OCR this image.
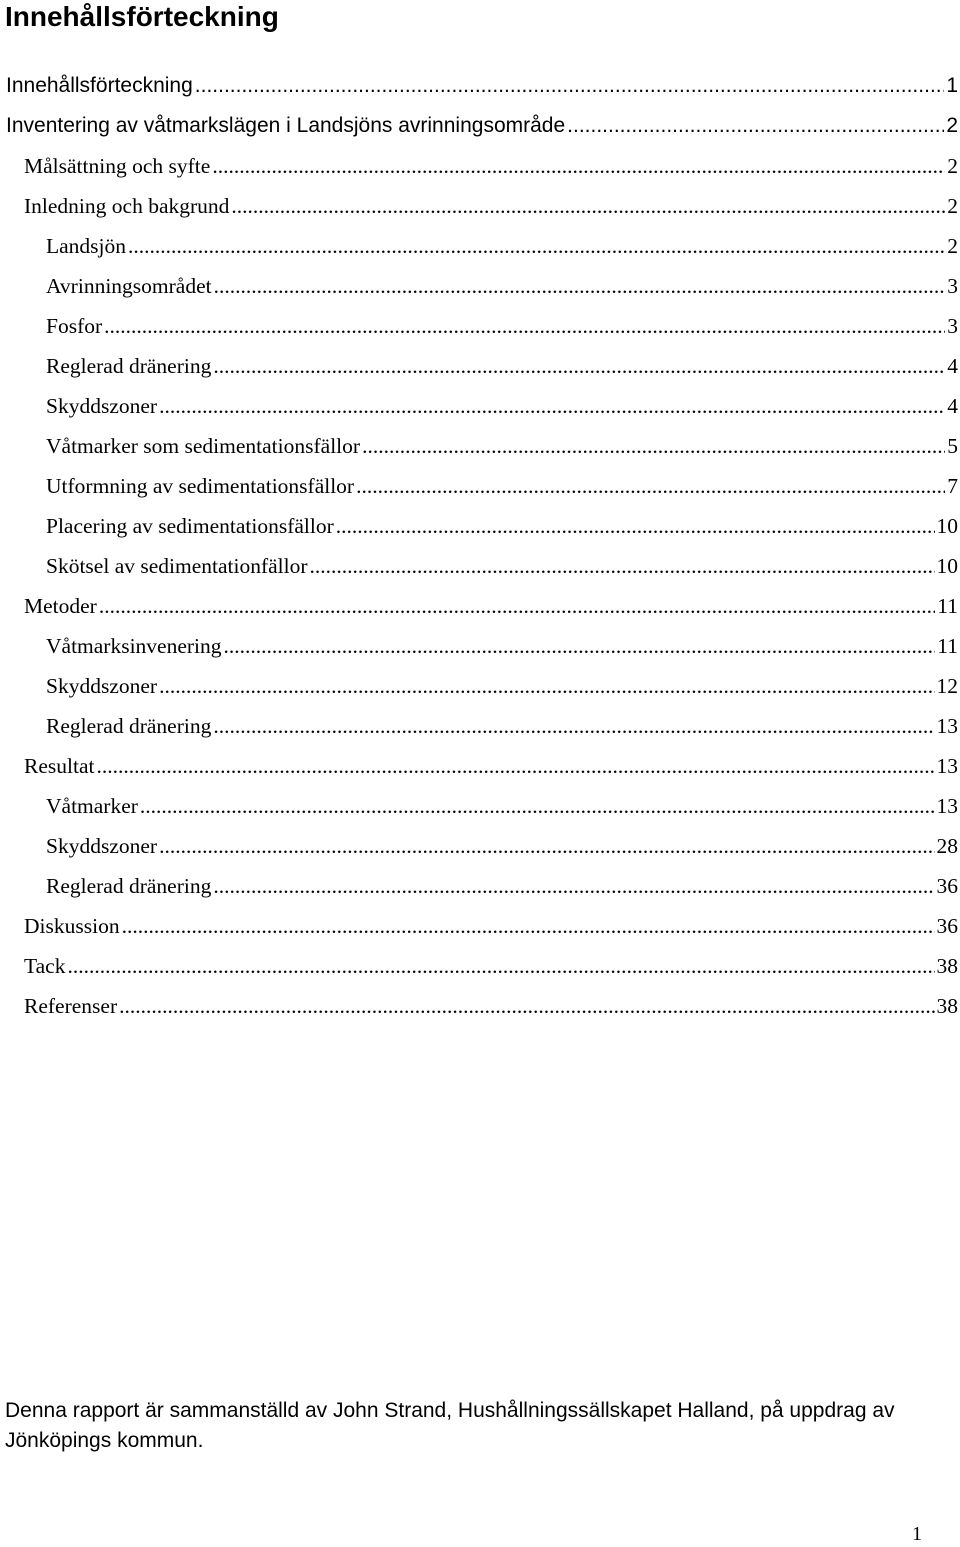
Innehållsförteckning
Innehållsförteckning .....	1
Inventering av våtmarkslägen i Landsjöns avrinningsområde .....	2
Målsättning och syfte .....	2
Inledning och bakgrund .....	2
Landsjön .....	2
Avrinningsområdet .....	3
Fosfor .....	3
Reglerad dränering .....	4
Skyddszoner .....	4
Våtmarker som sedimentationsfällor .....	5
Utformning av sedimentationsfällor .....	7
Placering av sedimentationsfällor .....	10
Skötsel av sedimentationfällor .....	10
Metoder .....	11
Våtmarksinvenering .....	11
Skyddszoner .....	12
Reglerad dränering .....	13
Resultat .....	13
Våtmarker .....	13
Skyddszoner .....	28
Reglerad dränering .....	36
Diskussion .....	36
Tack .....	38
Referenser .....	38

Denna rapport är sammanställd av John Strand, Hushållningssällskapet Halland, på uppdrag av Jönköpings kommun.

1
